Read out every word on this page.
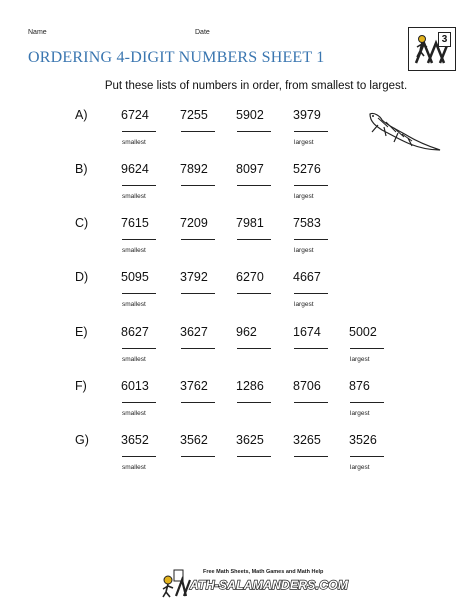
Name	Date
ORDERING 4-DIGIT NUMBERS SHEET 1
3
Put these lists of numbers in order, from smallest to largest.
A)	6724
smallest
7255 5902 3979
largest
B)	9624
smallest
7892 8097 5276
largest
C)	7615
smallest
7209 7981 7583
largest
D)	5095
smallest
3792 6270 4667
largest
E)	8627
smallest
3627 962	1674 5002
largest
F)	6013
smallest
3762 1286 8706 876
largest
G)	3652
smallest
3562 3625 3265 3526
largest
Free Math Sheets, Math Games and Math Help
ATH-SALAMANDERS.COM
